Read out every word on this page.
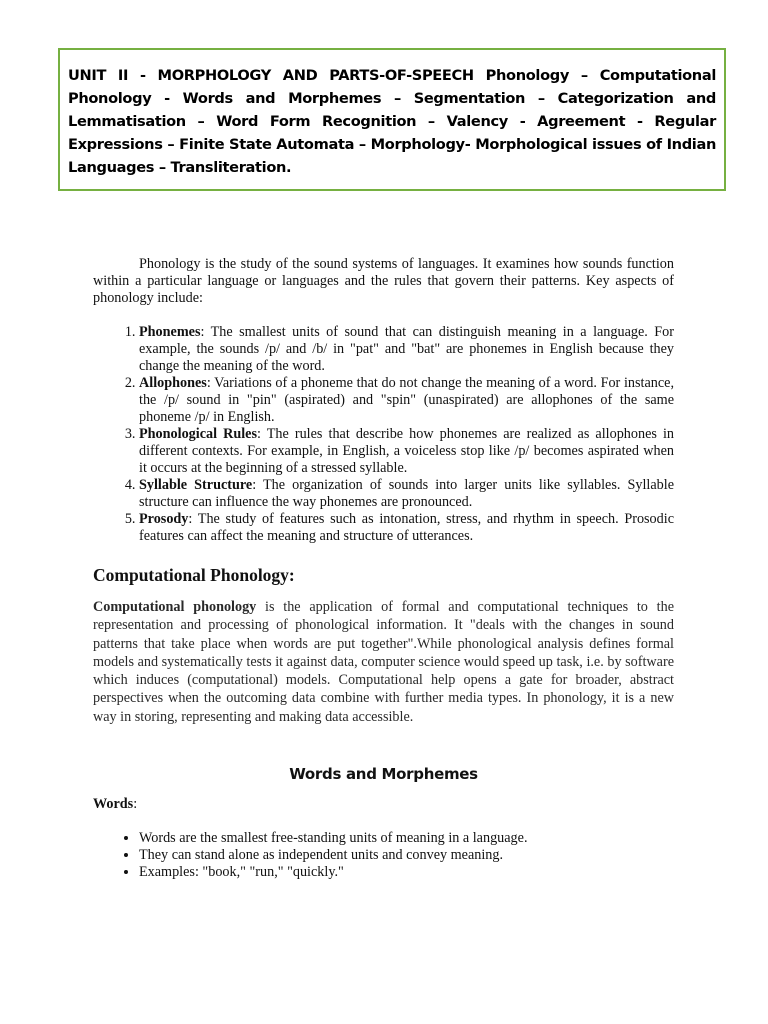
UNIT II - MORPHOLOGY AND PARTS-OF-SPEECH Phonology – Computational Phonology - Words and Morphemes – Segmentation – Categorization and Lemmatisation – Word Form Recognition – Valency - Agreement - Regular Expressions – Finite State Automata – Morphology- Morphological issues of Indian Languages – Transliteration.

Phonology is the study of the sound systems of languages. It examines how sounds function within a particular language or languages and the rules that govern their patterns. Key aspects of phonology include:

1. Phonemes: The smallest units of sound that can distinguish meaning in a language. For example, the sounds /p/ and /b/ in "pat" and "bat" are phonemes in English because they change the meaning of the word.
2. Allophones: Variations of a phoneme that do not change the meaning of a word. For instance, the /p/ sound in "pin" (aspirated) and "spin" (unaspirated) are allophones of the same phoneme /p/ in English.
3. Phonological Rules: The rules that describe how phonemes are realized as allophones in different contexts. For example, in English, a voiceless stop like /p/ becomes aspirated when it occurs at the beginning of a stressed syllable.
4. Syllable Structure: The organization of sounds into larger units like syllables. Syllable structure can influence the way phonemes are pronounced.
5. Prosody: The study of features such as intonation, stress, and rhythm in speech. Prosodic features can affect the meaning and structure of utterances.
Computational Phonology:

Computational phonology is the application of formal and computational techniques to the representation and processing of phonological information. It "deals with the changes in sound patterns that take place when words are put together".While phonological analysis defines formal models and systematically tests it against data, computer science would speed up task, i.e. by software which induces (computational) models. Computational help opens a gate for broader, abstract perspectives when the outcoming data combine with further media types. In phonology, it is a new way in storing, representing and making data accessible.

Words and Morphemes

Words:

• Words are the smallest free-standing units of meaning in a language.
• They can stand alone as independent units and convey meaning.
• Examples: "book," "run," "quickly."
